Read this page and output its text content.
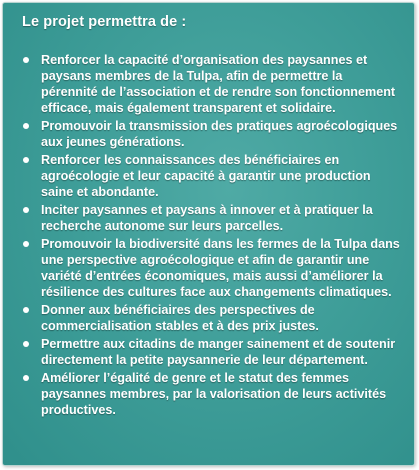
Le projet permettra de :

Renforcer la capacité d’organisation des paysannes et paysans membres de la Tulpa, afin de permettre la pérennité de l’association et de rendre son fonctionnement efficace, mais également transparent et solidaire.
Promouvoir la transmission des pratiques agroécologiques aux jeunes générations.
Renforcer les connaissances des bénéficiaires en agroécologie et leur capacité à garantir une production saine et abondante.
Inciter paysannes et paysans à innover et à pratiquer la recherche autonome sur leurs parcelles.
Promouvoir la biodiversité dans les fermes de la Tulpa dans une perspective agroécologique et afin de garantir une variété d’entrées économiques, mais aussi d’améliorer la résilience des cultures face aux changements climatiques.
Donner aux bénéficiaires des perspectives de commercialisation stables et à des prix justes.
Permettre aux citadins de manger sainement et de soutenir directement la petite paysannerie de leur département.
Améliorer l’égalité de genre et le statut des femmes paysannes membres, par la valorisation de leurs activités productives.
